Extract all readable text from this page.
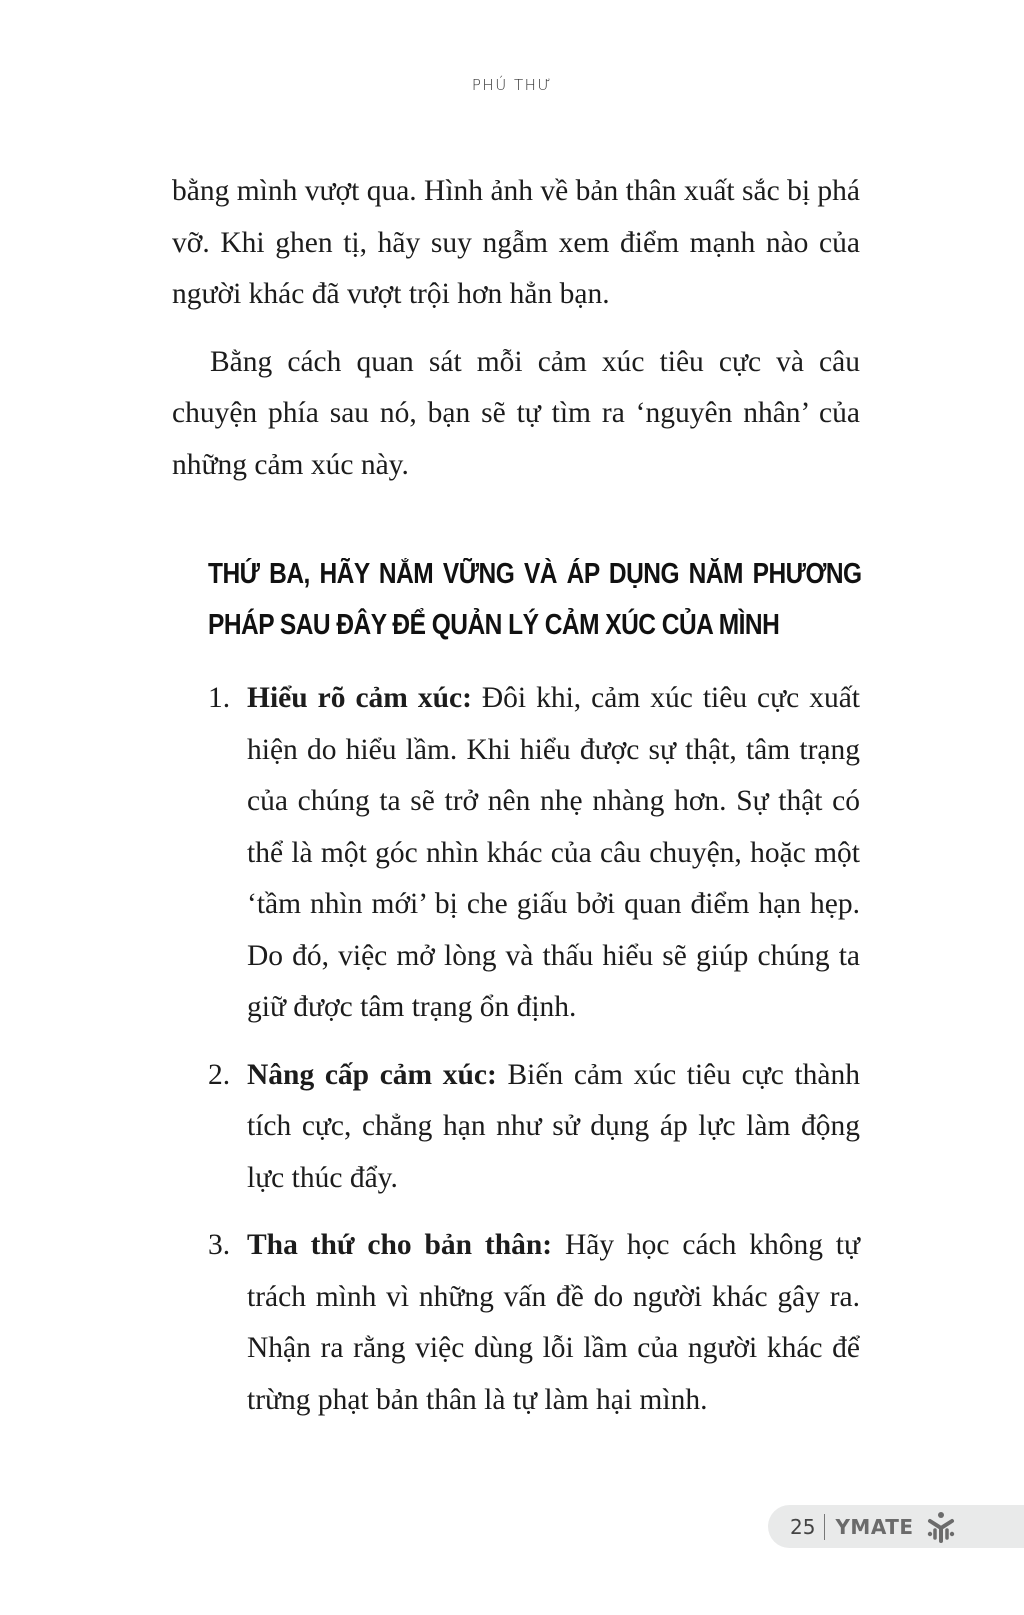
PHÚ THƯ

bằng mình vượt qua. Hình ảnh về bản thân xuất sắc bị phá vỡ. Khi ghen tị, hãy suy ngẫm xem điểm mạnh nào của người khác đã vượt trội hơn hẳn bạn.

Bằng cách quan sát mỗi cảm xúc tiêu cực và câu chuyện phía sau nó, bạn sẽ tự tìm ra ‘nguyên nhân’ của những cảm xúc này.

THỨ BA, HÃY NẮM VỮNG VÀ ÁP DỤNG NĂM PHƯƠNG PHÁP SAU ĐÂY ĐỂ QUẢN LÝ CẢM XÚC CỦA MÌNH
1. Hiểu rõ cảm xúc: Đôi khi, cảm xúc tiêu cực xuất hiện do hiểu lầm. Khi hiểu được sự thật, tâm trạng của chúng ta sẽ trở nên nhẹ nhàng hơn. Sự thật có thể là một góc nhìn khác của câu chuyện, hoặc một ‘tầm nhìn mới’ bị che giấu bởi quan điểm hạn hẹp. Do đó, việc mở lòng và thấu hiểu sẽ giúp chúng ta giữ được tâm trạng ổn định.
2. Nâng cấp cảm xúc: Biến cảm xúc tiêu cực thành tích cực, chẳng hạn như sử dụng áp lực làm động lực thúc đẩy.
3. Tha thứ cho bản thân: Hãy học cách không tự trách mình vì những vấn đề do người khác gây ra. Nhận ra rằng việc dùng lỗi lầm của người khác để trừng phạt bản thân là tự làm hại mình.
25 YMATE
